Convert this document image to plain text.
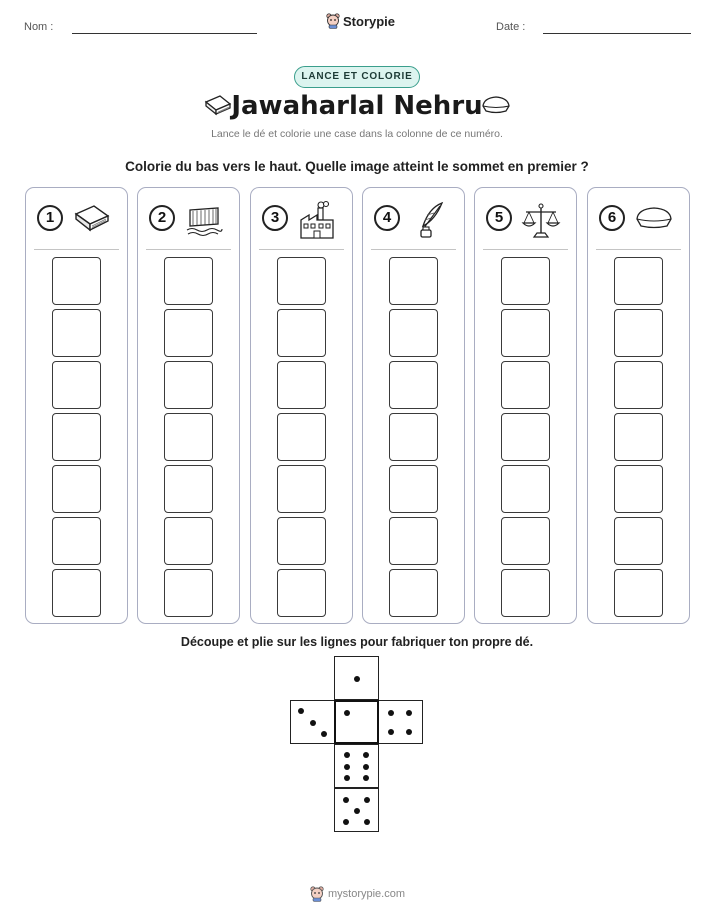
Nom :	Storypie	Date :
LANCE ET COLORIE
Jawaharlal Nehru
Lance le dé et colorie une case dans la colonne de ce numéro.
Colorie du bas vers le haut. Quelle image atteint le sommet en premier ?
1	2	3	4	5	6
Découpe et plie sur les lignes pour fabriquer ton propre dé.
mystorypie.com
